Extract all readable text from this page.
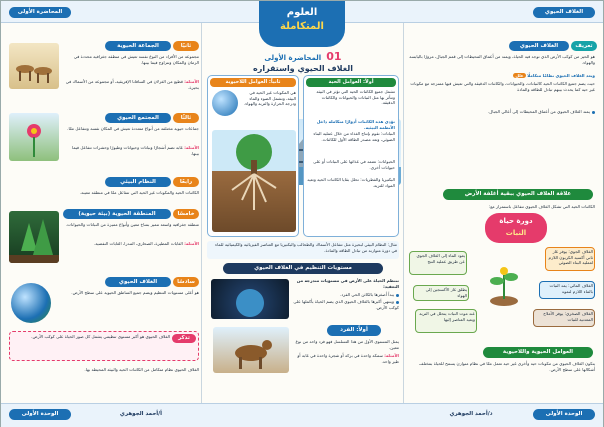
الغلاف الحيوي
المحاضرة الأولى	العلوم
المتكاملة
تعريف
الغلاف الحيوي
هو الحيز من كوكب الأرض الذي توجد فيه الحياة، ويمتد من أعماق المحيطات إلى قمم الجبال، مرورًا باليابسة والهواء.
وبعد الغلاف الحيوي نظامًا متكاملًا علل
حيث يضم جميع الكائنات الحية كالنباتات، والحيوانات، والكائنات الدقيقة والتي تعيش فيها ممتزجة مع مكونات غير حية كما يحدث بينهم تبادل للطاقة والمادة
يمتد الغلاف الحيوي من أعماق المحيطات إلى أعالي الجبال.
علاقة الغلاف الحيوي ببقية أغلفة الأرض
الكائنات الحية التي تشكل الغلاف الحيوي تتفاعل باستمرار مع:
دورة حياة
النبات
الغلاف الجوي: يوفر غاز ثاني أكسيد الكربون اللازم لعملية البناء الضوئي
الغلاف المائي: يمد النبات بالماء اللازم لنموه
الغلاف الصخري: يوفر الأملاح المعدنية للنبات
يعود الماء إلى الغلاف الجوي عن طريق عملية النتح
يطلق غاز الأكسجين إلى الهواء
عند موت النبات يتحلل في التربة ويعيد العناصر إليها
العوامل الحيوية واللاحيوية
يتكون الغلاف الحيوي من مكونات حية وأخرى غير حية تعمل معًا في نظام متوازن يسمح للحياة بمختلف أشكالها على سطح الأرض.
01 المحاضرة الأولى
الغلاف الحيوي واستقراره
أولاً: العوامل الحية
تشمل جميع الكائنات الحية التي تؤثر في البيئة وتتأثر بها مثل النباتات والحيوانات والكائنات الدقيقة.
تؤدي هذه الكائنات أدوارًا متكاملة داخل الأنظمة البيئية.
النباتات: تقوم بإنتاج الغذاء من خلال عملية البناء الضوئي، وتعد مصدر الطاقة الأول للكائنات.
الحيوانات: تعتمد في غذائها على النباتات أو على حيوانات أخرى.
البكتيريا والفطريات: تحلل بقايا الكائنات الحية وتعيد المواد للتربة.
ثانياً: العوامل اللاحيوية
هي المكونات غير الحية في البيئة، وتشمل الضوء والماء ودرجة الحرارة والتربة والهواء.
مثال: النظام البيئي لبحيرة مثل تتفاعل الأسماك والطحالب والبكتيريا مع العناصر الفيزيائية والكيميائية للماء في دورة متوازنة من تبادل الطاقة والمادة.
مستويات التنظيم في الغلاف الحيوي
تنتظم الحياة على الأرض في مستويات متدرجة من التعقيد:
يبدأ أصغرها بالكائن الحي الفرد.
وينتهي أكبرها بالغلاف الحيوي الذي يضم الحياة بأكملها على كوكب الأرض.
أولاً: الفرد
يمثل المستوى الأول من هذا التسلسل فهو فرد واحد من نوع معين.
الأمثلة: سمكة واحدة في بركة أو شجرة واحدة في غابة أو طير واحد.
ثانيًا
الجماعة الحيوية
مجموعة من الأفراد من النوع نفسه تعيش في منطقة جغرافية محددة في الزمان والمكان وتتزاوج فيما بينها.
الأمثلة: قطيع من الغزلان في السافانا الإفريقية، أو مجموعة من الأسماك في بحيرة.
ثالثًا
المجتمع الحيوي
جماعات حيوية مختلفة من أنواع متعددة تعيش في المكان نفسه وتتفاعل معًا.
الأمثلة: غابة تضم أشجارًا ونباتات وحيوانات وطيورًا وحشرات تتفاعل فيما بينها.
رابعًا
النظام البيئي
الكائنات الحية والمكونات غير الحية التي تتفاعل معًا في منطقة معينة.
خامسًا
المنطقة الحيوية (بيئة حيوية)
منطقة جغرافية واسعة تتميز بمناخ معين وأنواع مميزة من النباتات والحيوانات.
الأمثلة: الغابات المطيرة، الصحاري، التندرا، الغابات النفضية.
سادسًا
الغلاف الحيوي
هو أعلى مستويات التنظيم ويضم جميع المناطق الحيوية على سطح الأرض.
تذكر
الغلاف الحيوي هو أكبر مستوى تنظيمي يشمل كل صور الحياة على كوكب الأرض.
الغلاف الحيوي نظام متكامل من الكائنات الحية والبيئة المحيطة بها.
الوحدة الأولى
الوحدة الأولى	د/أحمد الجوهري
أ/أحمد الجوهري
